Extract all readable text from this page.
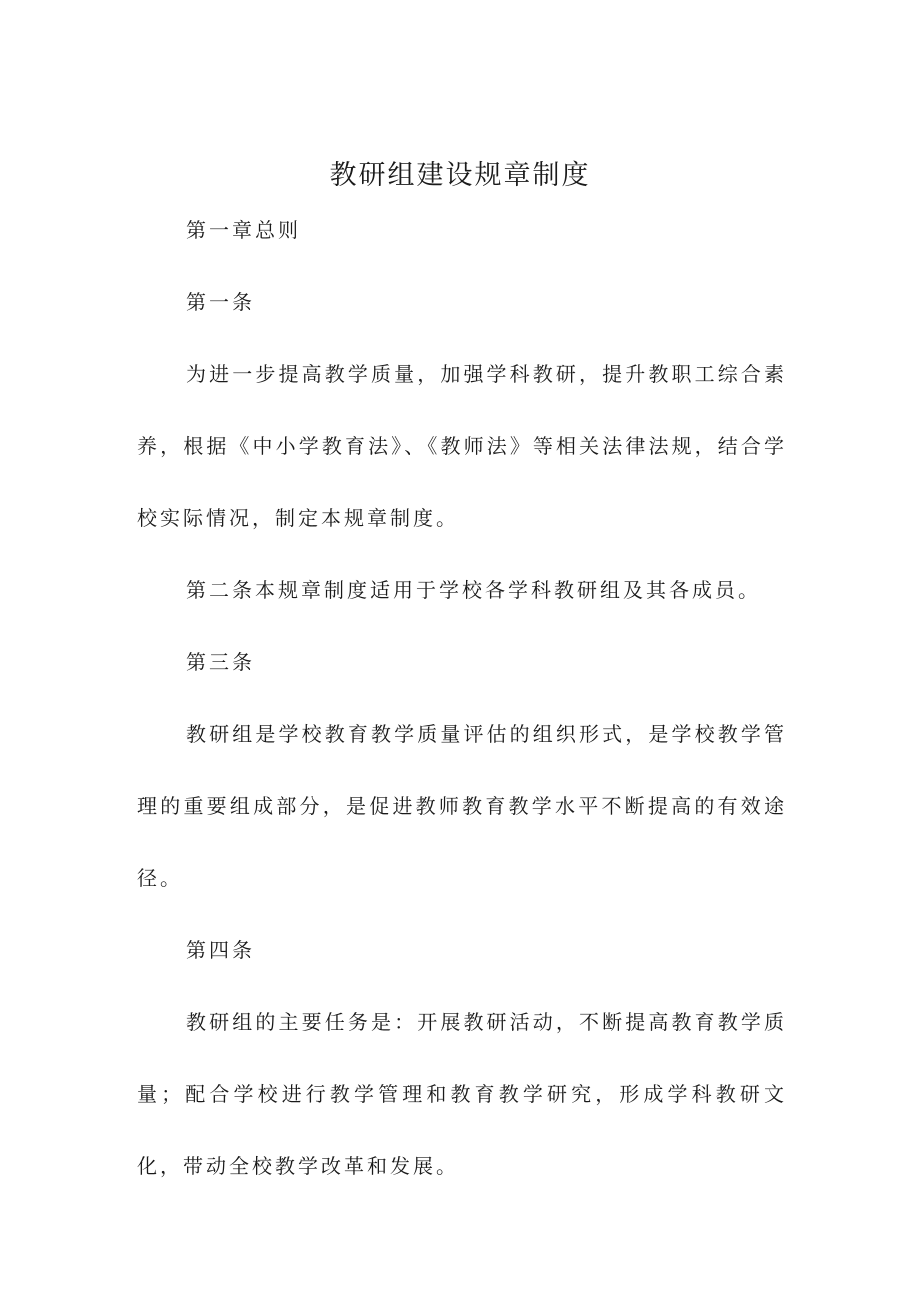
教研组建设规章制度

第一章总则

第一条

为进一步提高教学质量，加强学科教研，提升教职工综合素养，根据《中小学教育法》、《教师法》等相关法律法规，结合学校实际情况，制定本规章制度。

第二条本规章制度适用于学校各学科教研组及其各成员。

第三条

教研组是学校教育教学质量评估的组织形式，是学校教学管理的重要组成部分，是促进教师教育教学水平不断提高的有效途径。

第四条

教研组的主要任务是：开展教研活动，不断提高教育教学质量；配合学校进行教学管理和教育教学研究，形成学科教研文化，带动全校教学改革和发展。
